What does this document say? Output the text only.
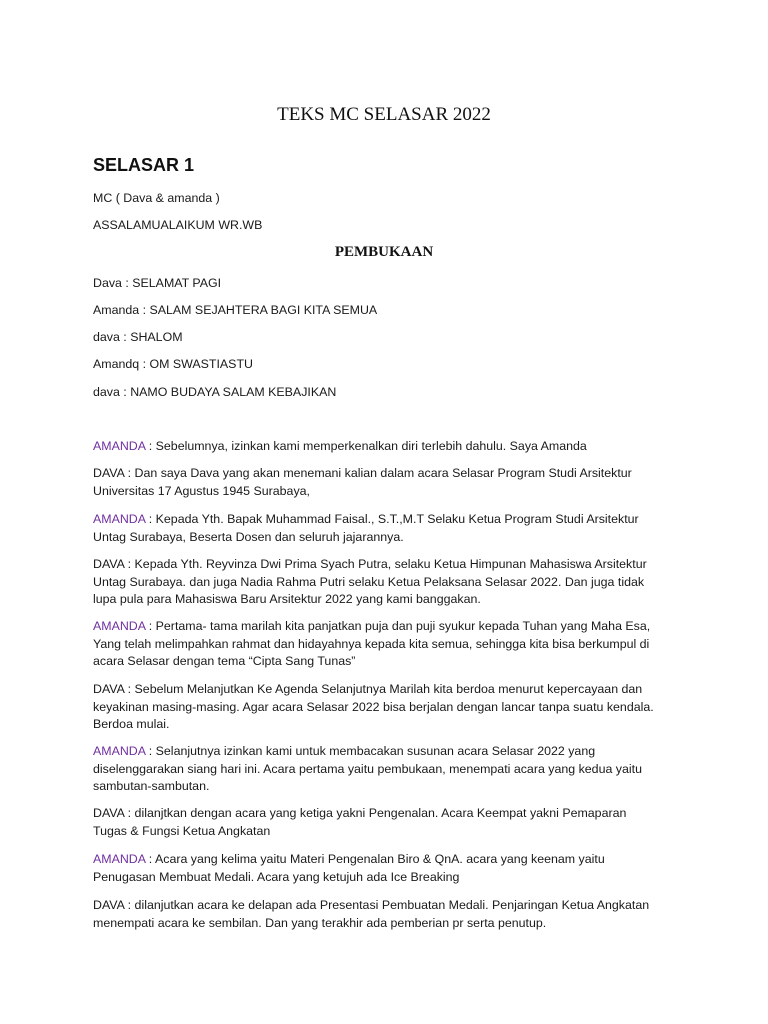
TEKS MC SELASAR 2022
SELASAR 1
MC ( Dava & amanda )
ASSALAMUALAIKUM WR.WB
PEMBUKAAN
Dava : SELAMAT PAGI
Amanda : SALAM SEJAHTERA BAGI KITA SEMUA
dava : SHALOM
Amandq : OM SWASTIASTU
dava : NAMO BUDAYA SALAM KEBAJIKAN
AMANDA : Sebelumnya, izinkan kami memperkenalkan diri terlebih dahulu. Saya Amanda
DAVA : Dan saya Dava yang akan menemani kalian dalam acara Selasar Program Studi Arsitektur
Universitas 17 Agustus 1945 Surabaya,
AMANDA : Kepada Yth. Bapak Muhammad Faisal., S.T.,M.T Selaku Ketua Program Studi Arsitektur
Untag Surabaya, Beserta Dosen dan seluruh jajarannya.
DAVA : Kepada Yth. Reyvinza Dwi Prima Syach Putra, selaku Ketua Himpunan Mahasiswa Arsitektur
Untag Surabaya. dan juga Nadia Rahma Putri selaku Ketua Pelaksana Selasar 2022. Dan juga tidak
lupa pula para Mahasiswa Baru Arsitektur 2022 yang kami banggakan.
AMANDA : Pertama- tama marilah kita panjatkan puja dan puji syukur kepada Tuhan yang Maha Esa,
Yang telah melimpahkan rahmat dan hidayahnya kepada kita semua, sehingga kita bisa berkumpul di
acara Selasar dengan tema “Cipta Sang Tunas”
DAVA : Sebelum Melanjutkan Ke Agenda Selanjutnya Marilah kita berdoa menurut kepercayaan dan
keyakinan masing-masing. Agar acara Selasar 2022 bisa berjalan dengan lancar tanpa suatu kendala.
Berdoa mulai.
AMANDA : Selanjutnya izinkan kami untuk membacakan susunan acara Selasar 2022 yang
diselenggarakan siang hari ini. Acara pertama yaitu pembukaan, menempati acara yang kedua yaitu
sambutan-sambutan.
DAVA : dilanjtkan dengan acara yang ketiga yakni Pengenalan. Acara Keempat yakni Pemaparan
Tugas & Fungsi Ketua Angkatan
AMANDA : Acara yang kelima yaitu Materi Pengenalan Biro & QnA. acara yang keenam yaitu
Penugasan Membuat Medali. Acara yang ketujuh ada Ice Breaking
DAVA : dilanjutkan acara ke delapan ada Presentasi Pembuatan Medali. Penjaringan Ketua Angkatan
menempati acara ke sembilan. Dan yang terakhir ada pemberian pr serta penutup.
